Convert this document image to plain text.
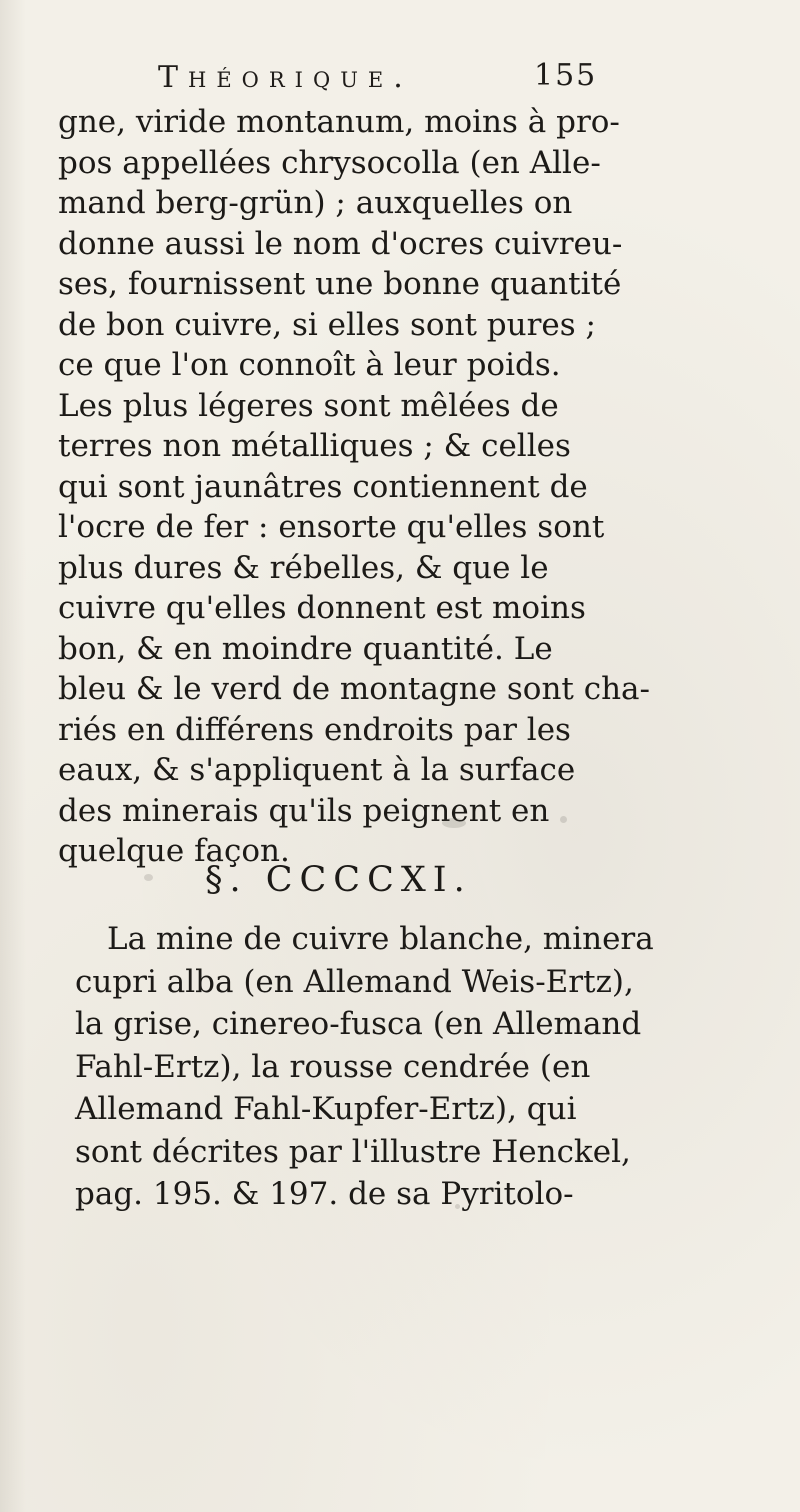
Théorique.	155
gne, viride montanum, moins à pro-
pos appellées chrysocolla (en Alle-
mand berg-grün) ; auxquelles on
donne aussi le nom d'ocres cuivreu-
ses, fournissent une bonne quantité
de bon cuivre, si elles sont pures ;
ce que l'on connoît à leur poids.
Les plus légeres sont mêlées de
terres non métalliques ; & celles
qui sont jaunâtres contiennent de
l'ocre de fer : ensorte qu'elles sont
plus dures & rébelles, & que le
cuivre qu'elles donnent est moins
bon, & en moindre quantité. Le
bleu & le verd de montagne sont cha-
riés en différens endroits par les
eaux, & s'appliquent à la surface
des minerais qu'ils peignent en
quelque façon.
§. CCCCXI.
La mine de cuivre blanche, minera
cupri alba (en Allemand Weis-Ertz),
la grise, cinereo-fusca (en Allemand
Fahl-Ertz), la rousse cendrée (en
Allemand Fahl-Kupfer-Ertz), qui
sont décrites par l'illustre Henckel,
pag. 195. & 197. de sa Pyritolo-
